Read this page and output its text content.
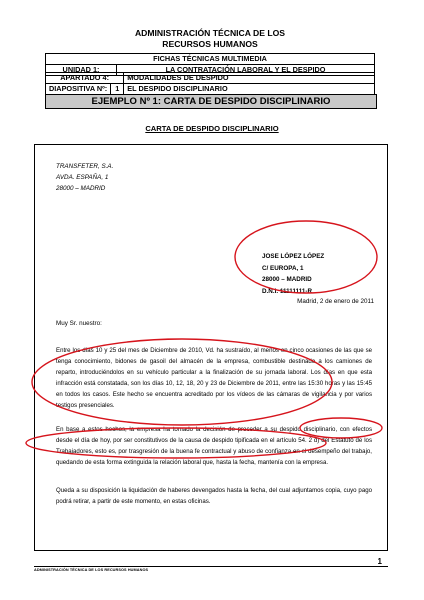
ADMINISTRACIÓN TÉCNICA DE LOS
RECURSOS HUMANOS
FICHAS TÉCNICAS MULTIMEDIA
UNIDAD 1:	LA CONTRATACIÓN LABORAL Y EL DESPIDO
APARTADO 4:		MODALIDADES DE DESPIDO
DIAPOSITIVA Nº:	1	EL DESPIDO DISCIPLINARIO
EJEMPLO Nº 1: CARTA DE DESPIDO DISCIPLINARIO
CARTA DE DESPIDO DISCIPLINARIO
TRANSFETER, S.A.
AVDA. ESPAÑA, 1
28000 – MADRID
JOSE LÓPEZ LÓPEZ
C/ EUROPA, 1
28000 – MADRID
D.N.I. 11111111-R
Madrid, 2 de enero de 2011
Muy Sr. nuestro:
Entre los días 10 y 25 del mes de Diciembre de 2010, Vd. ha sustraído, al menos en cinco ocasiones de las que se tenga conocimiento, bidones de gasoil del almacén de la empresa, combustible destinado a los camiones de reparto, introduciéndolos en su vehículo particular a la finalización de su jornada laboral. Los días en que esta infracción está constatada, son los días 10, 12, 18, 20 y 23 de Diciembre de 2011, entre las 15:30 horas y las 15:45 en todos los casos. Este hecho se encuentra acreditado por los vídeos de las cámaras de vigilancia y por varios testigos presenciales.
En base a estos hechos, la empresa ha tomado la decisión de proceder a su despido disciplinario, con efectos desde el día de hoy, por ser constitutivos de la causa de despido tipificada en el artículo 54. 2 d) del Estatuto de los Trabajadores, esto es, por trasgresión de la buena fe contractual y abuso de confianza en el desempeño del trabajo, quedando de esta forma extinguida la relación laboral que, hasta la fecha, mantenía con la empresa.
Queda a su disposición la liquidación de haberes devengados hasta la fecha, del cual adjuntamos copia, cuyo pago podrá retirar, a partir de este momento, en estas oficinas.
1
ADMINISTRACIÓN TÉCNICA DE LOS RECURSOS HUMANOS
